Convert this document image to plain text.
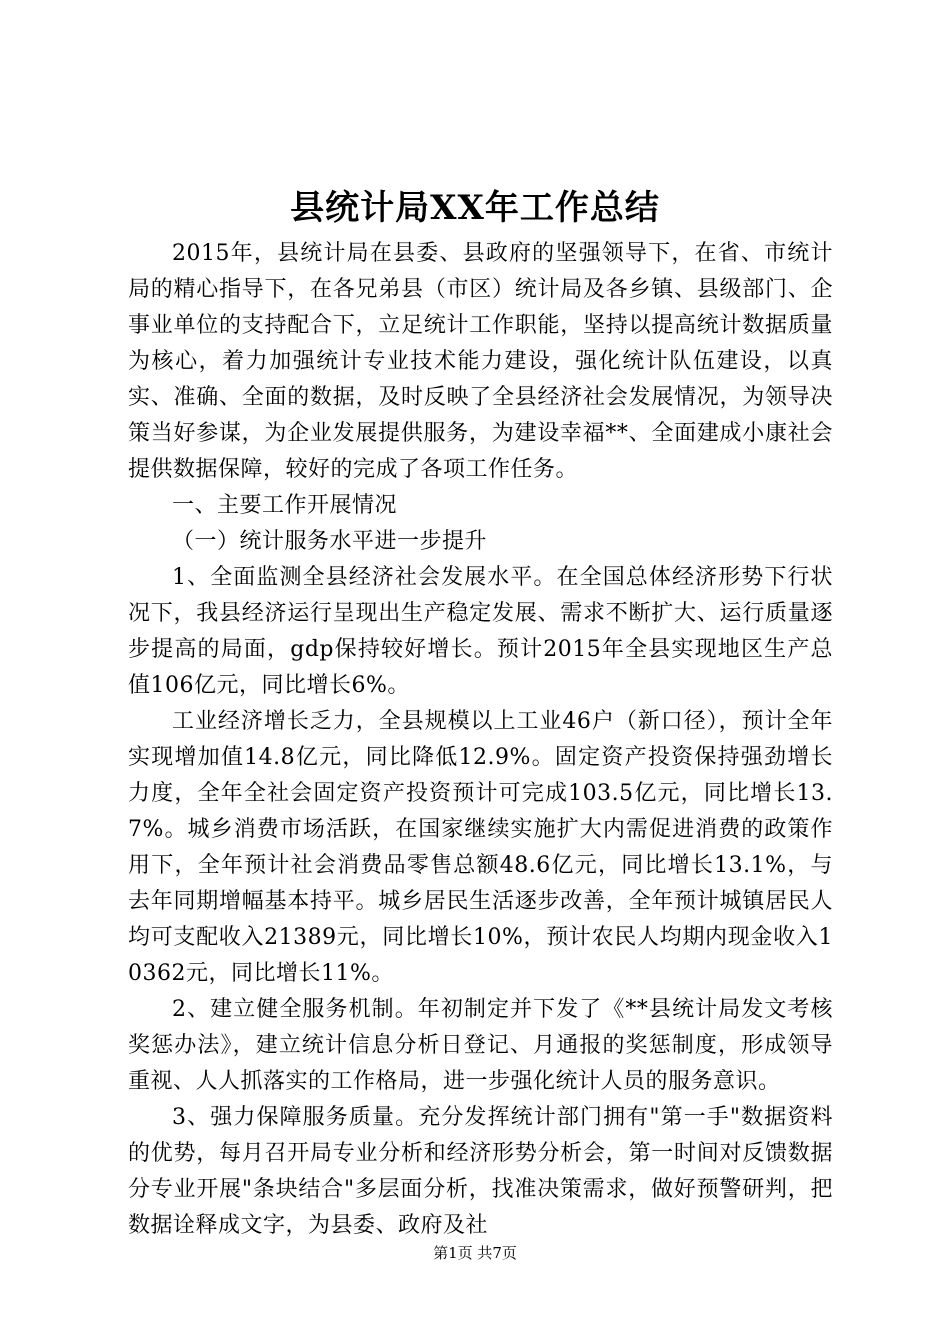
县统计局XX年工作总结

2015年，县统计局在县委、县政府的坚强领导下，在省、市统计局的精心指导下，在各兄弟县（市区）统计局及各乡镇、县级部门、企事业单位的支持配合下，立足统计工作职能，坚持以提高统计数据质量为核心，着力加强统计专业技术能力建设，强化统计队伍建设，以真实、准确、全面的数据，及时反映了全县经济社会发展情况，为领导决策当好参谋，为企业发展提供服务，为建设幸福**、全面建成小康社会提供数据保障，较好的完成了各项工作任务。

一、主要工作开展情况

（一）统计服务水平进一步提升

1、全面监测全县经济社会发展水平。在全国总体经济形势下行状况下，我县经济运行呈现出生产稳定发展、需求不断扩大、运行质量逐步提高的局面，gdp保持较好增长。预计2015年全县实现地区生产总值106亿元，同比增长6%。

工业经济增长乏力，全县规模以上工业46户（新口径），预计全年实现增加值14.8亿元，同比降低12.9%。固定资产投资保持强劲增长力度，全年全社会固定资产投资预计可完成103.5亿元，同比增长13.7%。城乡消费市场活跃，在国家继续实施扩大内需促进消费的政策作用下，全年预计社会消费品零售总额48.6亿元，同比增长13.1%，与去年同期增幅基本持平。城乡居民生活逐步改善，全年预计城镇居民人均可支配收入21389元，同比增长10%，预计农民人均期内现金收入10362元，同比增长11%。

2、建立健全服务机制。年初制定并下发了《**县统计局发文考核奖惩办法》，建立统计信息分析日登记、月通报的奖惩制度，形成领导重视、人人抓落实的工作格局，进一步强化统计人员的服务意识。

3、强力保障服务质量。充分发挥统计部门拥有"第一手"数据资料的优势，每月召开局专业分析和经济形势分析会，第一时间对反馈数据分专业开展"条块结合"多层面分析，找准决策需求，做好预警研判，把数据诠释成文字，为县委、政府及社

第1页 共7页
